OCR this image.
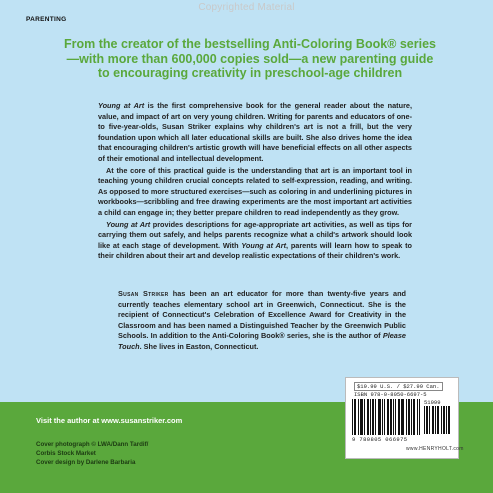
PARENTING
From the creator of the bestselling Anti-Coloring Book® series—with more than 600,000 copies sold—a new parenting guide to encouraging creativity in preschool-age children

Young at Art is the first comprehensive book for the general reader about the nature, value, and impact of art on very young children. Writing for parents and educators of one- to five-year-olds, Susan Striker explains why children's art is not a frill, but the very foundation upon which all later educational skills are built. She also drives home the idea that encouraging children's artistic growth will have beneficial effects on all other aspects of their emotional and intellectual development.

At the core of this practical guide is the understanding that art is an important tool in teaching young children crucial concepts related to self-expression, reading, and writing. As opposed to more structured exercises—such as coloring in and underlining pictures in workbooks—scribbling and free drawing experiments are the most important art activities a child can engage in; they better prepare children to read independently as they grow.

Young at Art provides descriptions for age-appropriate art activities, as well as tips for carrying them out safely, and helps parents recognize what a child's artwork should look like at each stage of development. With Young at Art, parents will learn how to speak to their children about their art and develop realistic expectations of their children's work.

Susan Striker has been an art educator for more than twenty-five years and currently teaches elementary school art in Greenwich, Connecticut. She is the recipient of Connecticut's Celebration of Excellence Award for Creativity in the Classroom and has been named a Distinguished Teacher by the Greenwich Public Schools. In addition to the Anti-Coloring Book® series, she is the author of Please Touch. She lives in Easton, Connecticut.
Visit the author at www.susanstriker.com
Cover photograph © LWA/Dann Tardif/
Corbis Stock Market
Cover design by Darlene Barbaria
$19.99 U.S. / $27.99 Can.
ISBN 978-0-8050-6697-5
51999
9 780805 066975
www.HENRYHOLT.com
Copyrighted Material
